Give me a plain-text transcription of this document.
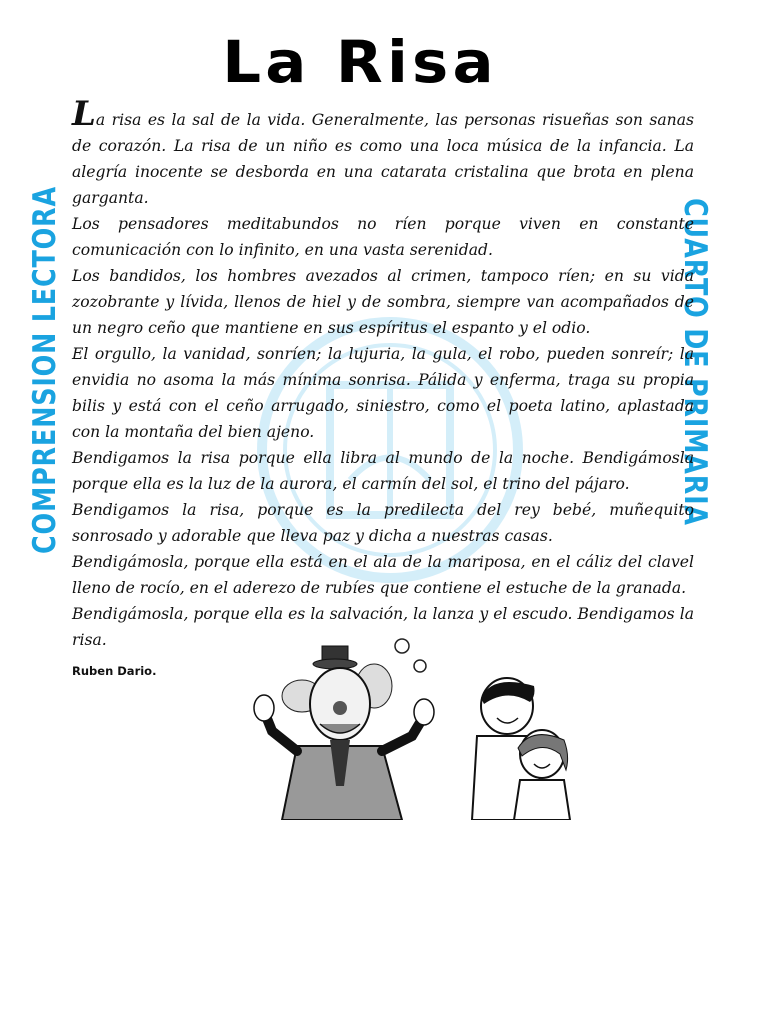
La Risa
COMPRENSION LECTORA	CUARTO DE PRIMARIA

La risa es la sal de la vida. Generalmente, las personas risueñas son sanas de corazón. La risa de un niño es como una loca música de la infancia. La alegría inocente se desborda en una catarata cristalina que brota en plena garganta.

Los pensadores meditabundos no ríen porque viven en constante comunicación con lo infinito, en una vasta serenidad.

Los bandidos, los hombres avezados al crimen, tampoco ríen; en su vida zozobrante y lívida, llenos de hiel y de sombra, siempre van acompañados de un negro ceño que mantiene en sus espíritus el espanto y el odio.

El orgullo, la vanidad, sonríen; la lujuria, la gula, el robo, pueden sonreír; la envidia no asoma la más mínima sonrisa. Pálida y enferma, traga su propia bilis y está con el ceño arrugado, siniestro, como el poeta latino, aplastada con la montaña del bien ajeno.

Bendigamos la risa porque ella libra al mundo de la noche. Bendigámosla porque ella es la luz de la aurora, el carmín del sol, el trino del pájaro.

Bendigamos la risa, porque es la predilecta del rey bebé, muñequito sonrosado y adorable que lleva paz y dicha a nuestras casas.

Bendigámosla, porque ella está en el ala de la mariposa, en el cáliz del clavel lleno de rocío, en el aderezo de rubíes que contiene el estuche de la granada.

Bendigámosla, porque ella es la salvación, la lanza y el escudo. Bendigamos la risa.

Ruben Dario.
